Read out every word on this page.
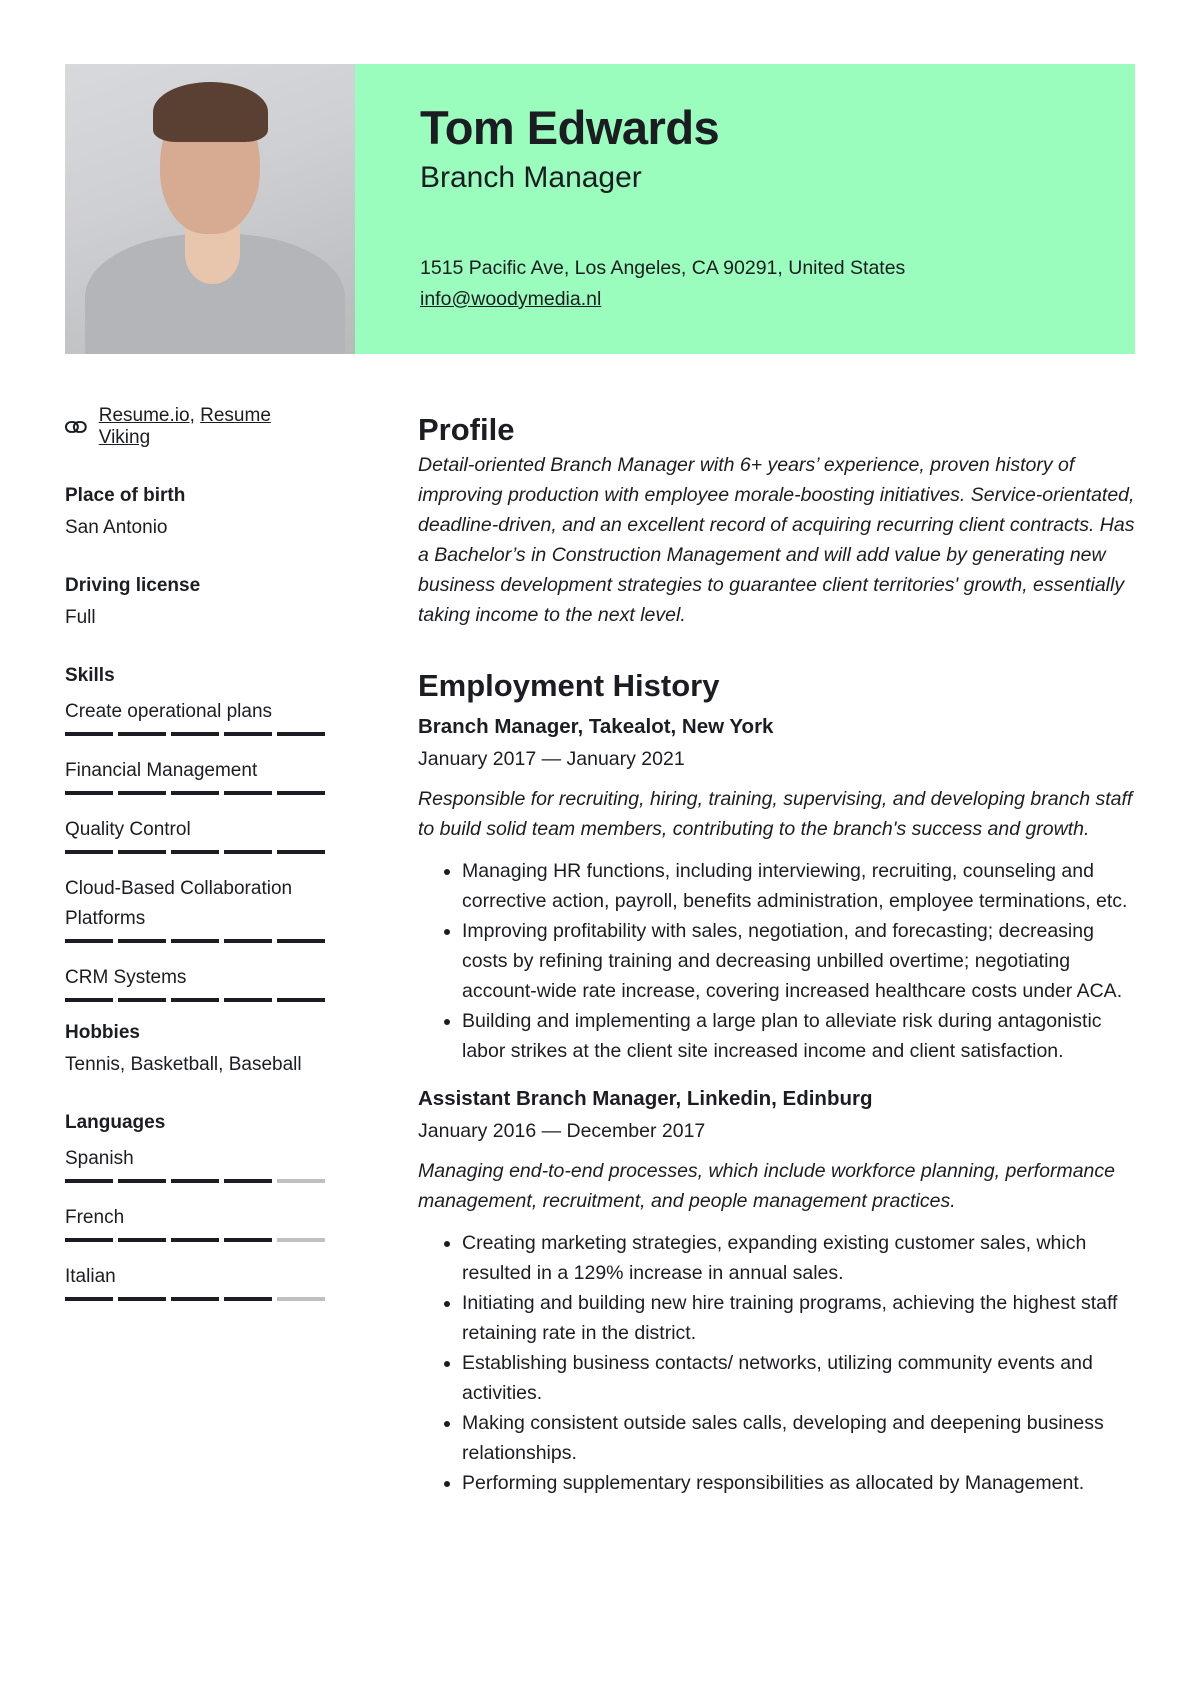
Tom Edwards
Branch Manager
1515 Pacific Ave, Los Angeles, CA 90291, United States
info@woodymedia.nl
Resume.io, Resume Viking
Place of birth
San Antonio
Driving license
Full
Skills
Create operational plans
Financial Management
Quality Control
Cloud-Based Collaboration Platforms
CRM Systems
Hobbies
Tennis, Basketball, Baseball
Languages
Spanish
French
Italian
Profile

Detail-oriented Branch Manager with 6+ years’ experience, proven history of improving production with employee morale-boosting initiatives. Service-orientated, deadline-driven, and an excellent record of acquiring recurring client contracts. Has a Bachelor’s in Construction Management and will add value by generating new business development strategies to guarantee client territories' growth, essentially taking income to the next level.

Employment History
Branch Manager, Takealot, New York
January 2017 — January 2021

Responsible for recruiting, hiring, training, supervising, and developing branch staff to build solid team members, contributing to the branch's success and growth.

• Managing HR functions, including interviewing, recruiting, counseling and corrective action, payroll, benefits administration, employee terminations, etc.
• Improving profitability with sales, negotiation, and forecasting; decreasing costs by refining training and decreasing unbilled overtime; negotiating account-wide rate increase, covering increased healthcare costs under ACA.
• Building and implementing a large plan to alleviate risk during antagonistic labor strikes at the client site increased income and client satisfaction.
Assistant Branch Manager, Linkedin, Edinburg
January 2016 — December 2017

Managing end-to-end processes, which include workforce planning, performance management, recruitment, and people management practices.

• Creating marketing strategies, expanding existing customer sales, which resulted in a 129% increase in annual sales.
• Initiating and building new hire training programs, achieving the highest staff retaining rate in the district.
• Establishing business contacts/ networks, utilizing community events and activities.
• Making consistent outside sales calls, developing and deepening business relationships.
• Performing supplementary responsibilities as allocated by Management.
